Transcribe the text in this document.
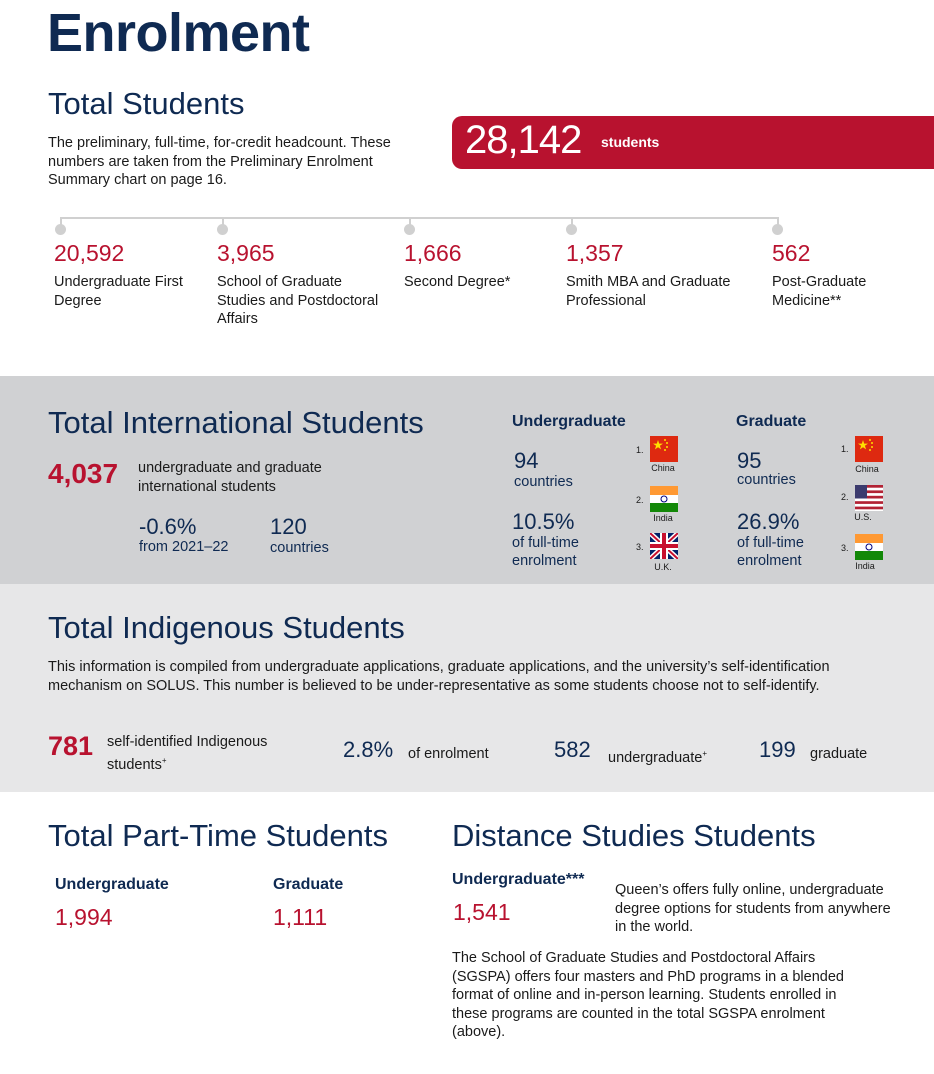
Enrolment
Total Students

The preliminary, full-time, for-credit headcount. These numbers are taken from the Preliminary Enrolment Summary chart on page 16.

28,142 students
20,592
Undergraduate First Degree
3,965
School of Graduate Studies and Postdoctoral Affairs
1,666
Second Degree*
1,357
Smith MBA and Graduate Professional
562
Post-Graduate Medicine**
Total International Students
4,037 undergraduate and graduate international students
-0.6%
from 2021–22
120
countries
Undergraduate
94
countries
10.5%
of full-time enrolment
1.
China
2.
India
3.
U.K.
Graduate
95
countries
26.9%
of full-time enrolment
1.
China
2.
U.S.
3.
India
Total Indigenous Students

This information is compiled from undergraduate applications, graduate applications, and the university’s self-identification mechanism on SOLUS. This number is believed to be under-representative as some students choose not to self-identify.

781 self-identified Indigenous students+	2.8% of enrolment	582 undergraduate+ 199 graduate
Total Part-Time Students
Undergraduate
1,994
Graduate
1,111
Distance Studies Students
Undergraduate***
1,541

Queen’s offers fully online, undergraduate degree options for students from anywhere in the world.

The School of Graduate Studies and Postdoctoral Affairs (SGSPA) offers four masters and PhD programs in a blended format of online and in-person learning. Students enrolled in these programs are counted in the total SGSPA enrolment (above).
